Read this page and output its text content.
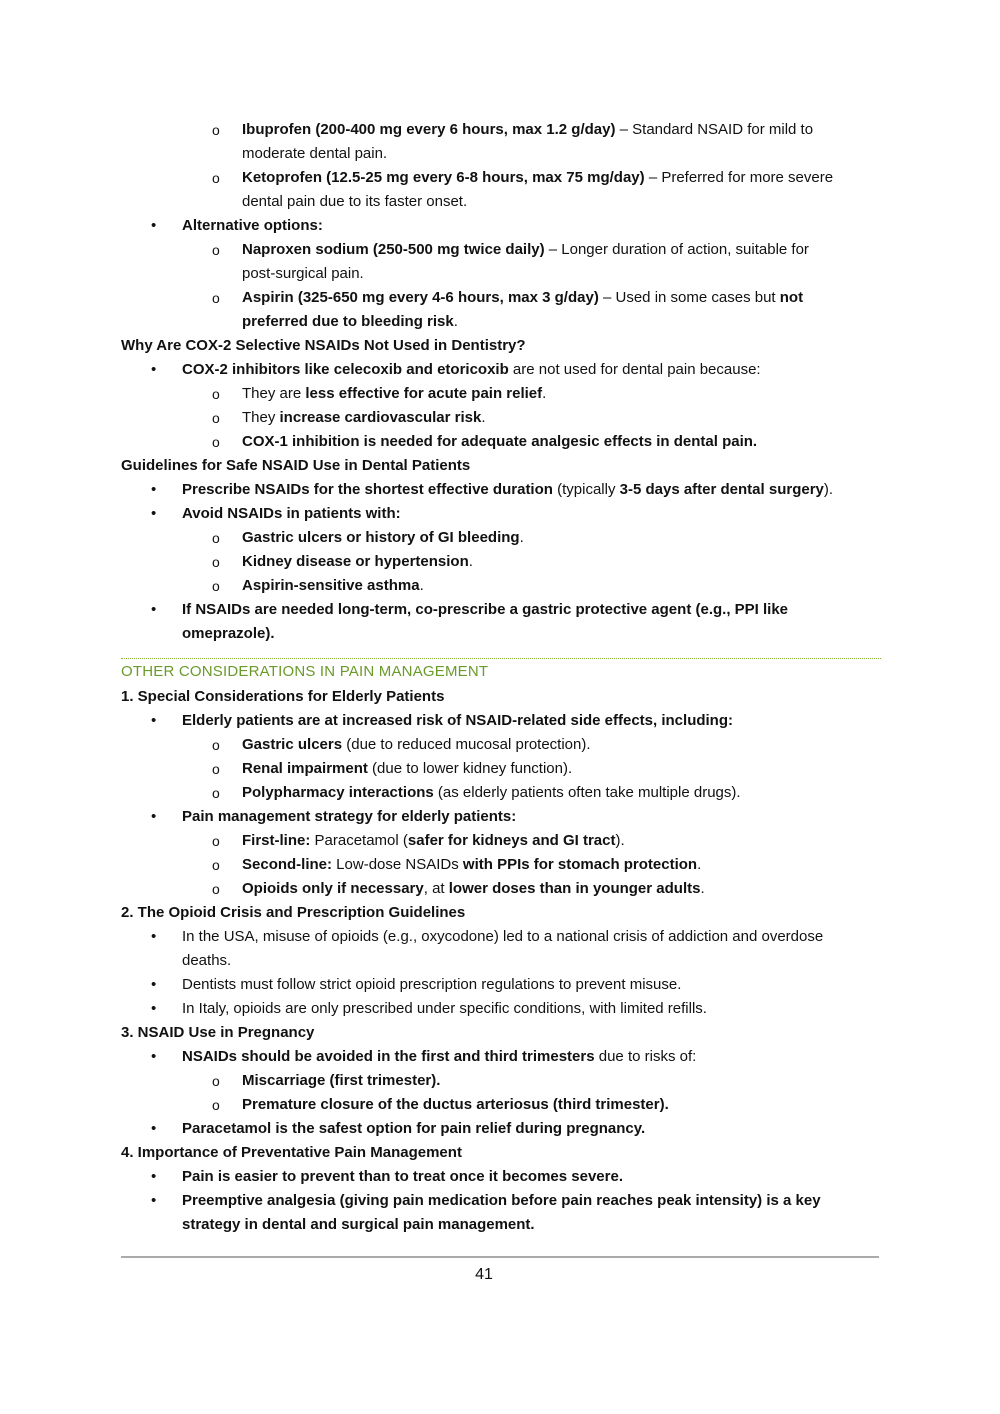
o Ibuprofen (200-400 mg every 6 hours, max 1.2 g/day) – Standard NSAID for mild to
moderate dental pain.
o Ketoprofen (12.5-25 mg every 6-8 hours, max 75 mg/day) – Preferred for more severe
dental pain due to its faster onset.
• Alternative options:
o Naproxen sodium (250-500 mg twice daily) – Longer duration of action, suitable for
post-surgical pain.
o Aspirin (325-650 mg every 4-6 hours, max 3 g/day) – Used in some cases but not
preferred due to bleeding risk.
Why Are COX-2 Selective NSAIDs Not Used in Dentistry?
• COX-2 inhibitors like celecoxib and etoricoxib are not used for dental pain because:
o They are less effective for acute pain relief.
o They increase cardiovascular risk.
o COX-1 inhibition is needed for adequate analgesic effects in dental pain.
Guidelines for Safe NSAID Use in Dental Patients
• Prescribe NSAIDs for the shortest effective duration (typically 3-5 days after dental surgery).
• Avoid NSAIDs in patients with:
o Gastric ulcers or history of GI bleeding.
o Kidney disease or hypertension.
o Aspirin-sensitive asthma.
• If NSAIDs are needed long-term, co-prescribe a gastric protective agent (e.g., PPI like
omeprazole).
OTHER CONSIDERATIONS IN PAIN MANAGEMENT
1. Special Considerations for Elderly Patients
• Elderly patients are at increased risk of NSAID-related side effects, including:
o Gastric ulcers (due to reduced mucosal protection).
o Renal impairment (due to lower kidney function).
o Polypharmacy interactions (as elderly patients often take multiple drugs).
• Pain management strategy for elderly patients:
o First-line: Paracetamol (safer for kidneys and GI tract).
o Second-line: Low-dose NSAIDs with PPIs for stomach protection.
o Opioids only if necessary, at lower doses than in younger adults.
2. The Opioid Crisis and Prescription Guidelines
• In the USA, misuse of opioids (e.g., oxycodone) led to a national crisis of addiction and overdose
deaths.
• Dentists must follow strict opioid prescription regulations to prevent misuse.
• In Italy, opioids are only prescribed under specific conditions, with limited refills.
3. NSAID Use in Pregnancy
• NSAIDs should be avoided in the first and third trimesters due to risks of:
o Miscarriage (first trimester).
o Premature closure of the ductus arteriosus (third trimester).
• Paracetamol is the safest option for pain relief during pregnancy.
4. Importance of Preventative Pain Management
• Pain is easier to prevent than to treat once it becomes severe.
• Preemptive analgesia (giving pain medication before pain reaches peak intensity) is a key
strategy in dental and surgical pain management.
41
